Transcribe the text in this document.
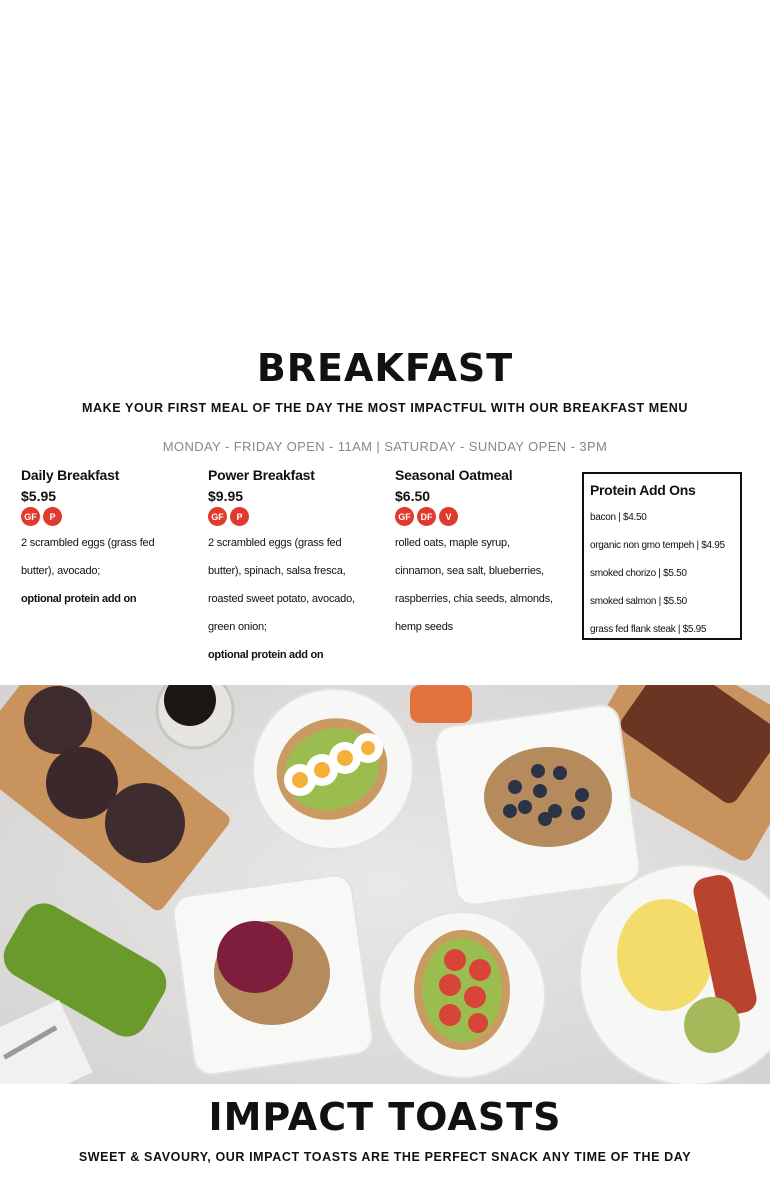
BREAKFAST
MAKE YOUR FIRST MEAL OF THE DAY THE MOST IMPACTFUL WITH OUR BREAKFAST MENU
MONDAY - FRIDAY OPEN - 11AM | SATURDAY - SUNDAY OPEN - 3PM
Daily Breakfast
$5.95
GF	P
2 scrambled eggs (grass fed
butter), avocado;
optional protein add on
Power Breakfast
$9.95
GF	P
2 scrambled eggs (grass fed
butter), spinach, salsa fresca,
roasted sweet potato, avocado,
green onion;
optional protein add on
Seasonal Oatmeal
$6.50
GF	DF	V
rolled oats, maple syrup,
cinnamon, sea salt, blueberries,
raspberries, chia seeds, almonds,
hemp seeds
Protein Add Ons
bacon | $4.50
organic non gmo tempeh | $4.95
smoked chorizo | $5.50
smoked salmon | $5.50
grass fed flank steak | $5.95
IMPACT TOASTS
SWEET & SAVOURY, OUR IMPACT TOASTS ARE THE PERFECT SNACK ANY TIME OF THE DAY
